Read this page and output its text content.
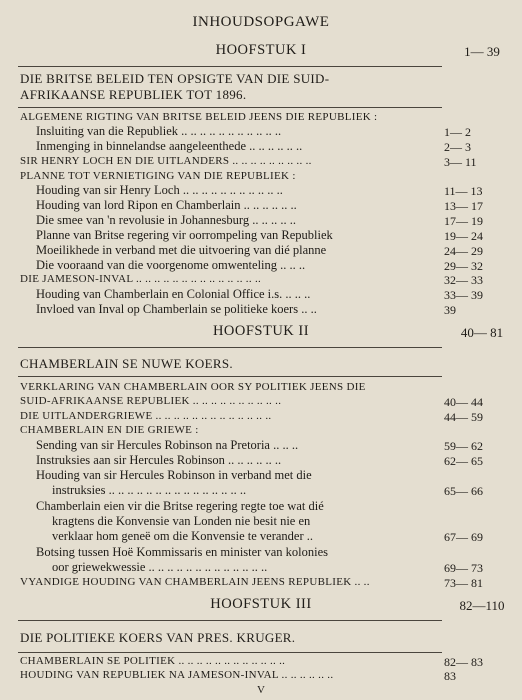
INHOUDSOPGAWE
HOOFSTUK I	1— 39
DIE BRITSE BELEID TEN OPSIGTE VAN DIE SUID-
AFRIKAANSE REPUBLIEK TOT 1896.
ALGEMENE RIGTING VAN BRITSE BELEID JEENS DIE REPUBLIEK :
Insluiting van die Republiek .. .. .. .. .. .. .. .. .. .. ..	1— 2
Inmenging in binnelandse aangeleenthede .. .. .. .. .. ..	2— 3
SIR HENRY LOCH EN DIE UITLANDERS .. .. .. .. .. .. .. .. ..	3— 11
PLANNE TOT VERNIETIGING VAN DIE REPUBLIEK :
Houding van sir Henry Loch .. .. .. .. .. .. .. .. .. .. ..	11— 13
Houding van lord Ripon en Chamberlain .. .. .. .. .. ..	13— 17
Die smee van 'n revolusie in Johannesburg .. .. .. .. ..	17— 19
Planne van Britse regering vir oorrompeling van Republiek	19— 24
Moeilikhede in verband met die uitvoering van dié planne	24— 29
Die vooraand van die voorgenome omwenteling .. .. ..	29— 32
DIE JAMESON-INVAL .. .. .. .. .. .. .. .. .. .. .. .. .. ..	32— 33
Houding van Chamberlain en Colonial Office i.s. .. .. ..	33— 39
Invloed van Inval op Chamberlain se politieke koers .. ..	39
HOOFSTUK II	40— 81
CHAMBERLAIN SE NUWE KOERS.
VERKLARING VAN CHAMBERLAIN OOR SY POLITIEK JEENS DIE
SUID-AFRIKAANSE REPUBLIEK .. .. .. .. .. .. .. .. .. ..	40— 44
DIE UITLANDERGRIEWE .. .. .. .. .. .. .. .. .. .. .. .. ..	44— 59
CHAMBERLAIN EN DIE GRIEWE :
Sending van sir Hercules Robinson na Pretoria .. .. ..	59— 62
Instruksies aan sir Hercules Robinson .. .. .. .. .. ..	62— 65
Houding van sir Hercules Robinson in verband met die
instruksies .. .. .. .. .. .. .. .. .. .. .. .. .. .. ..	65— 66
Chamberlain eien vir die Britse regering regte toe wat dié
kragtens die Konvensie van Londen nie besit nie en
verklaar hom geneë om die Konvensie te verander ..	67— 69
Botsing tussen Hoë Kommissaris en minister van kolonies
oor griewekwessie .. .. .. .. .. .. .. .. .. .. .. .. ..	69— 73
VYANDIGE HOUDING VAN CHAMBERLAIN JEENS REPUBLIEK .. ..	73— 81
HOOFSTUK III	82—110
DIE POLITIEKE KOERS VAN PRES. KRUGER.
CHAMBERLAIN SE POLITIEK .. .. .. .. .. .. .. .. .. .. .. ..	82— 83
HOUDING VAN REPUBLIEK NA JAMESON-INVAL .. .. .. .. .. ..	83
V
